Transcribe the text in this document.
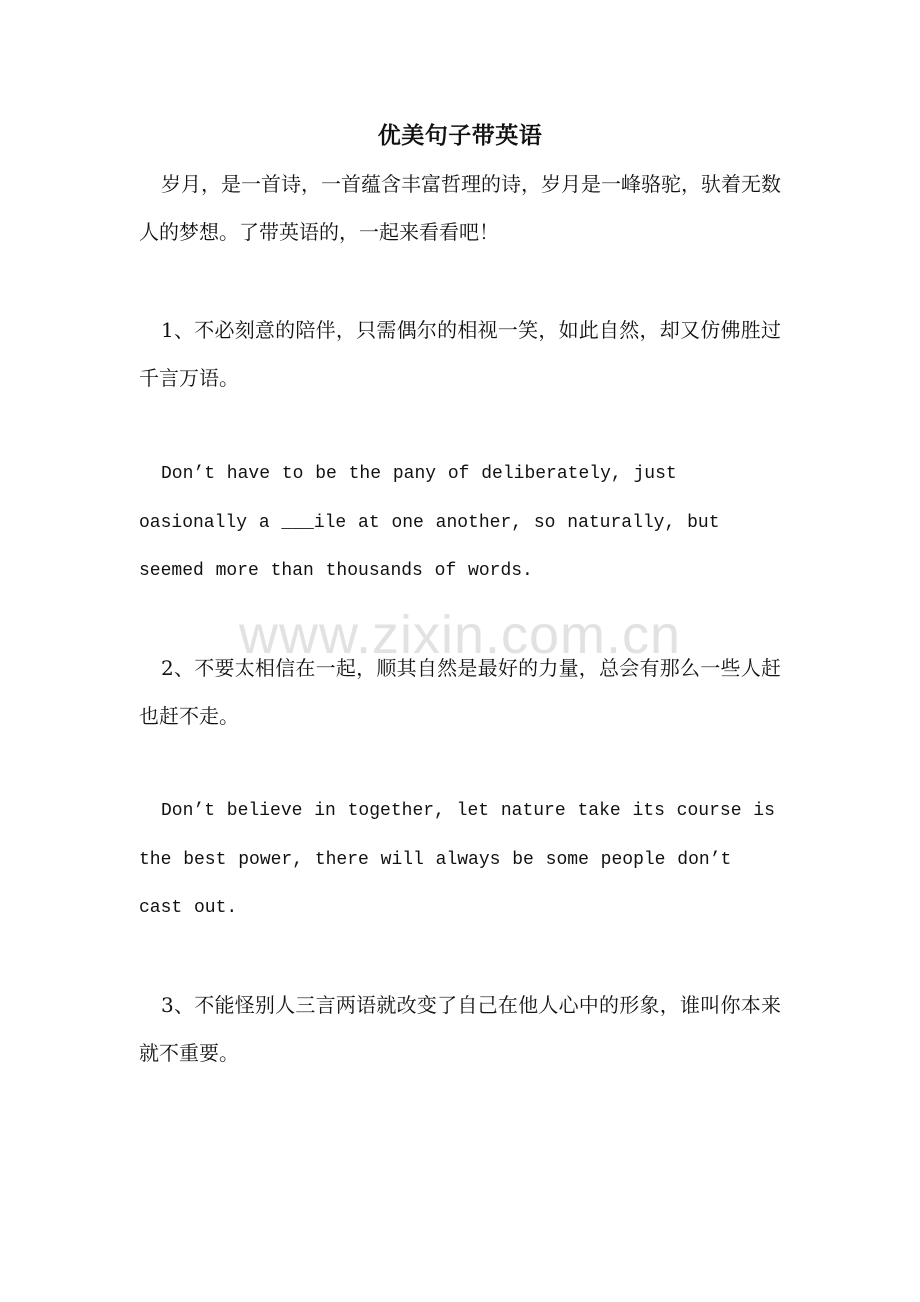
优美句子带英语

岁月，是一首诗，一首蕴含丰富哲理的诗，岁月是一峰骆驼，驮着无数人的梦想。了带英语的，一起来看看吧！

1、不必刻意的陪伴，只需偶尔的相视一笑，如此自然，却又仿佛胜过千言万语。

Don’t have to be the pany of deliberately, just oasionally a ___ile at one another, so naturally, but seemed more than thousands of words.

www.zixin.com.cn

2、不要太相信在一起，顺其自然是最好的力量，总会有那么一些人赶也赶不走。

Don’t believe in together, let nature take its course is the best power, there will always be some people don’t cast out.

3、不能怪别人三言两语就改变了自己在他人心中的形象，谁叫你本来就不重要。
